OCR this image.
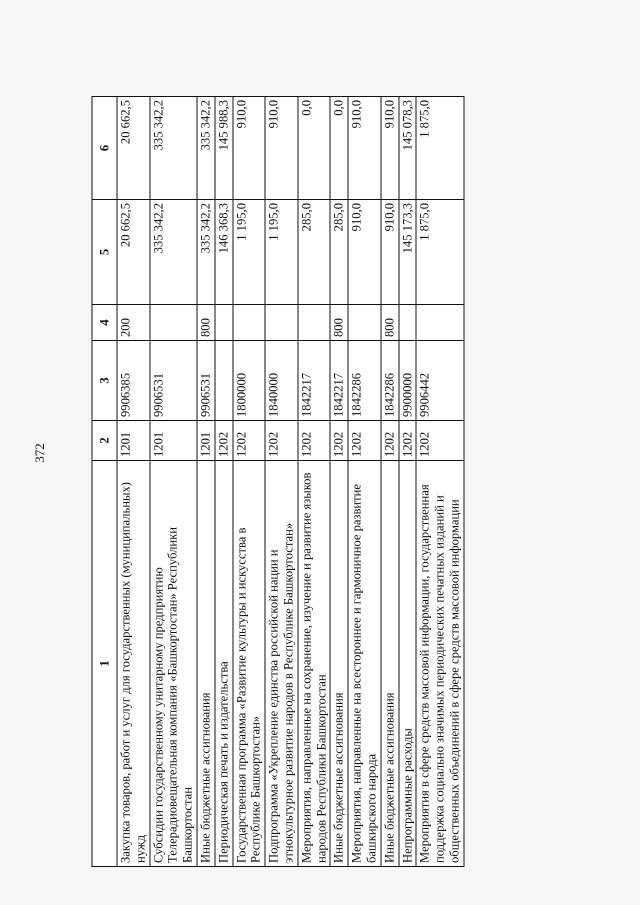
372
1	2	3	4	5	6
Закупка товаров, работ и услуг для государственных (муниципальных) нужд	1201	9906385	200	20 662,5	20 662,5
Субсидии государственному унитарному предприятию Телерадиовещательная компания «Башкортостан» Республики Башкортостан	1201	9906531		335 342,2	335 342,2
Иные бюджетные ассигнования	1201	9906531	800	335 342,2	335 342,2
Периодическая печать и издательства	1202			146 368,3	145 988,3
Государственная программа «Развитие культуры и искусства в Республике Башкортостан»	1202	1800000		1 195,0	910,0
Подпрограмма «Укрепление единства российской нации и этнокультурное развитие народов в Республике Башкортостан»	1202	1840000		1 195,0	910,0
Мероприятия, направленные на сохранение, изучение и развитие языков народов Республики Башкортостан	1202	1842217		285,0	0,0
Иные бюджетные ассигнования	1202	1842217	800	285,0	0,0
Мероприятия, направленные на всестороннее и гармоничное развитие башкирского народа	1202	1842286		910,0	910,0
Иные бюджетные ассигнования	1202	1842286	800	910,0	910,0
Непрограммные расходы	1202	9900000		145 173,3	145 078,3
Мероприятия в сфере средств массовой информации, государственная поддержка социально значимых периодических печатных изданий и общественных объединений в сфере средств массовой информации	1202	9906442		1 875,0	1 875,0
